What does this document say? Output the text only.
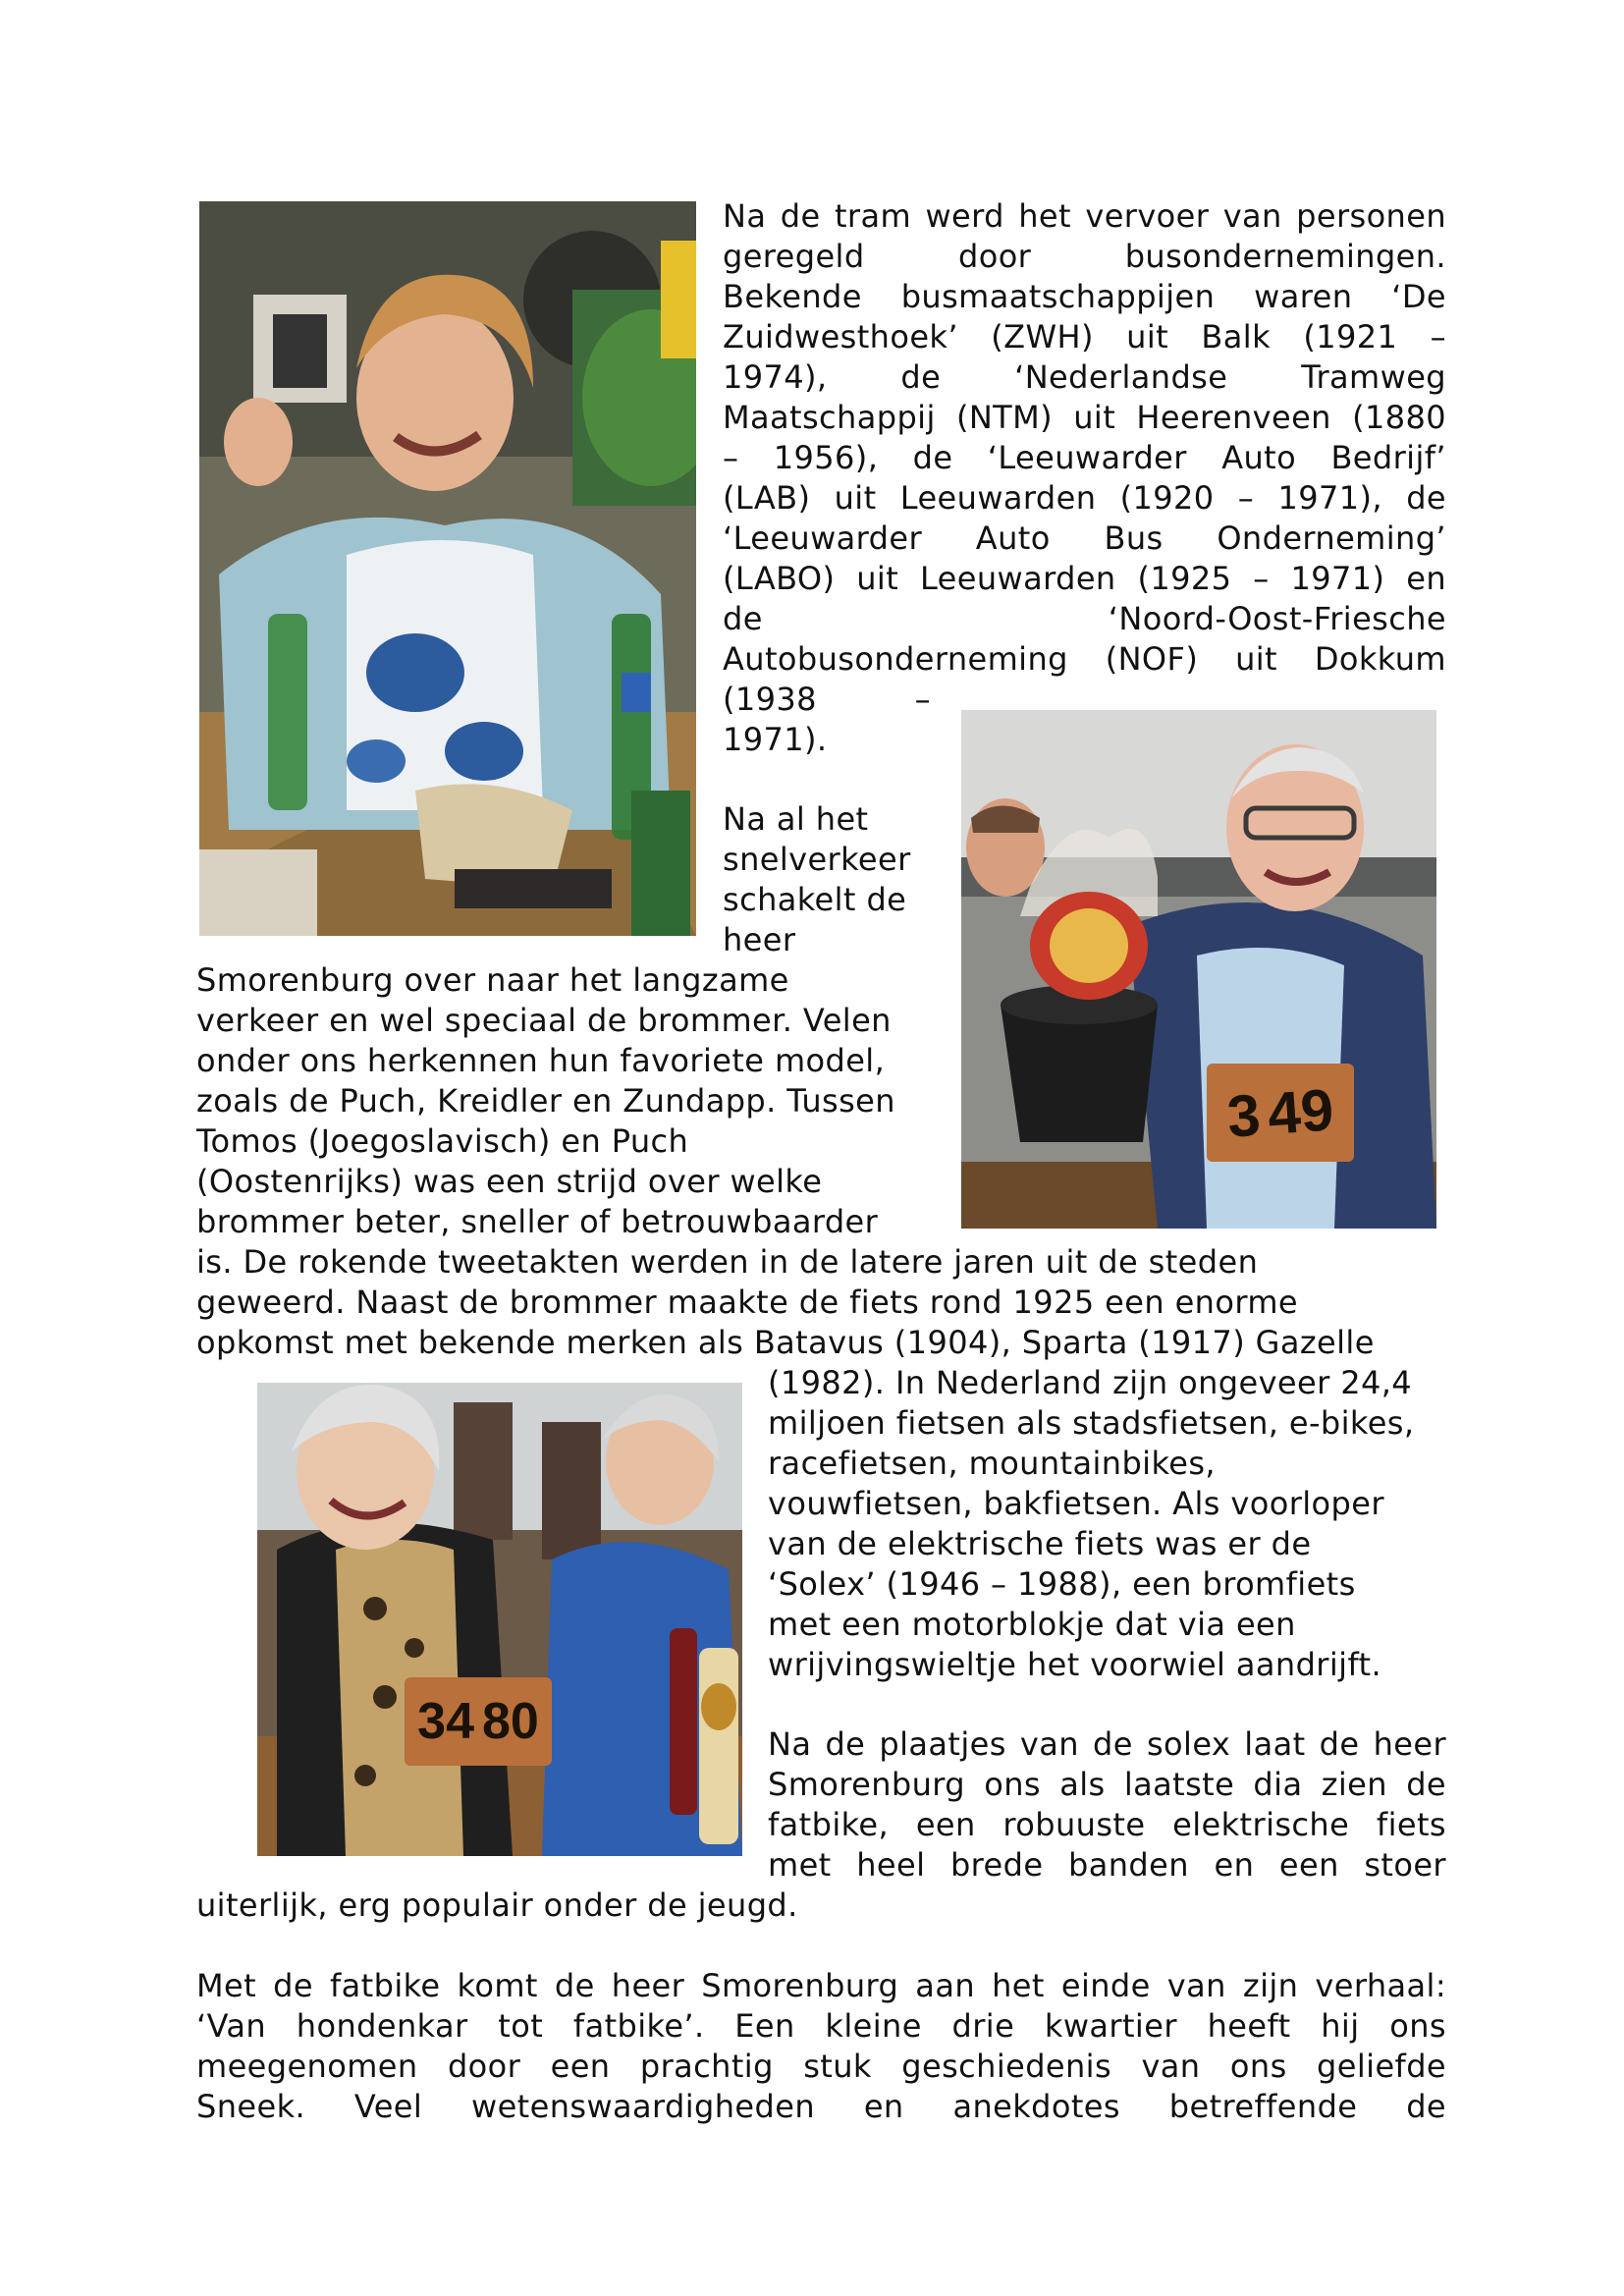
3 49
34 80
Na de tram werd het vervoer van personen
geregeld door busondernemingen.
Bekende busmaatschappijen waren ‘De
Zuidwesthoek’ (ZWH) uit Balk (1921 –
1974), de ‘Nederlandse Tramweg
Maatschappij (NTM) uit Heerenveen (1880
– 1956), de ‘Leeuwarder Auto Bedrijf’
(LAB) uit Leeuwarden (1920 – 1971), de
‘Leeuwarder Auto Bus Onderneming’
(LABO) uit Leeuwarden (1925 – 1971) en
de ‘Noord-Oost-Friesche
Autobusonderneming (NOF) uit Dokkum
(1938 –
1971).
Na al het
snelverkeer
schakelt de
heer
Smorenburg over naar het langzame
verkeer en wel speciaal de brommer. Velen
onder ons herkennen hun favoriete model,
zoals de Puch, Kreidler en Zundapp. Tussen
Tomos (Joegoslavisch) en Puch
(Oostenrijks) was een strijd over welke
brommer beter, sneller of betrouwbaarder
is. De rokende tweetakten werden in de latere jaren uit de steden
geweerd. Naast de brommer maakte de fiets rond 1925 een enorme
opkomst met bekende merken als Batavus (1904), Sparta (1917) Gazelle
(1982). In Nederland zijn ongeveer 24,4
miljoen fietsen als stadsfietsen, e-bikes,
racefietsen, mountainbikes,
vouwfietsen, bakfietsen. Als voorloper
van de elektrische fiets was er de
‘Solex’ (1946 – 1988), een bromfiets
met een motorblokje dat via een
wrijvingswieltje het voorwiel aandrijft.
Na de plaatjes van de solex laat de heer
Smorenburg ons als laatste dia zien de
fatbike, een robuuste elektrische fiets
met heel brede banden en een stoer
uiterlijk, erg populair onder de jeugd.
Met de fatbike komt de heer Smorenburg aan het einde van zijn verhaal:
‘Van hondenkar tot fatbike’. Een kleine drie kwartier heeft hij ons
meegenomen door een prachtig stuk geschiedenis van ons geliefde
Sneek. Veel wetenswaardigheden en anekdotes betreffende de
